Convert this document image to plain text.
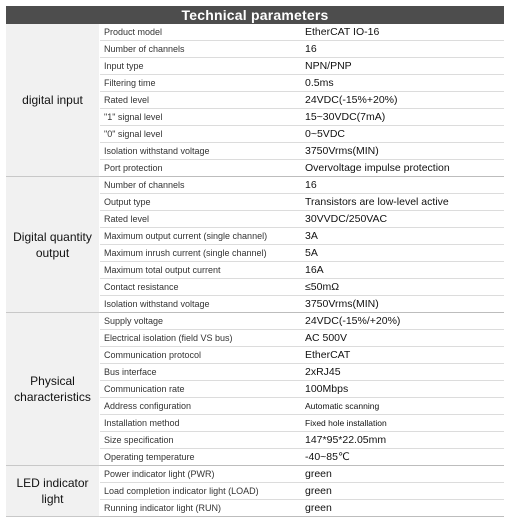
Technical parameters
digital input	Product model	EtherCAT IO-16
	Number of channels	16
	Input type	NPN/PNP
	Filtering time	0.5ms
	Rated level	24VDC(-15%+20%)
	"1" signal level	15~30VDC(7mA)
	"0" signal level	0~5VDC
	Isolation withstand voltage	3750Vrms(MIN)
	Port protection	Overvoltage impulse protection
Digital quantity output	Number of channels	16
	Output type	Transistors are low-level active
	Rated level	30VVDC/250VAC
	Maximum output current (single channel)	3A
	Maximum inrush current (single channel)	5A
	Maximum total output current	16A
	Contact resistance	≤50mΩ
	Isolation withstand voltage	3750Vrms(MIN)
Physical characteristics	Supply voltage	24VDC(-15%/+20%)
	Electrical isolation (field VS bus)	AC 500V
	Communication protocol	EtherCAT
	Bus interface	2xRJ45
	Communication rate	100Mbps
	Address configuration	Automatic scanning
	Installation method	Fixed hole installation
	Size specification	147*95*22.05mm
	Operating temperature	-40~85℃
LED indicator light	Power indicator light (PWR)	green
	Load completion indicator light (LOAD)	green
	Running indicator light (RUN)	green
